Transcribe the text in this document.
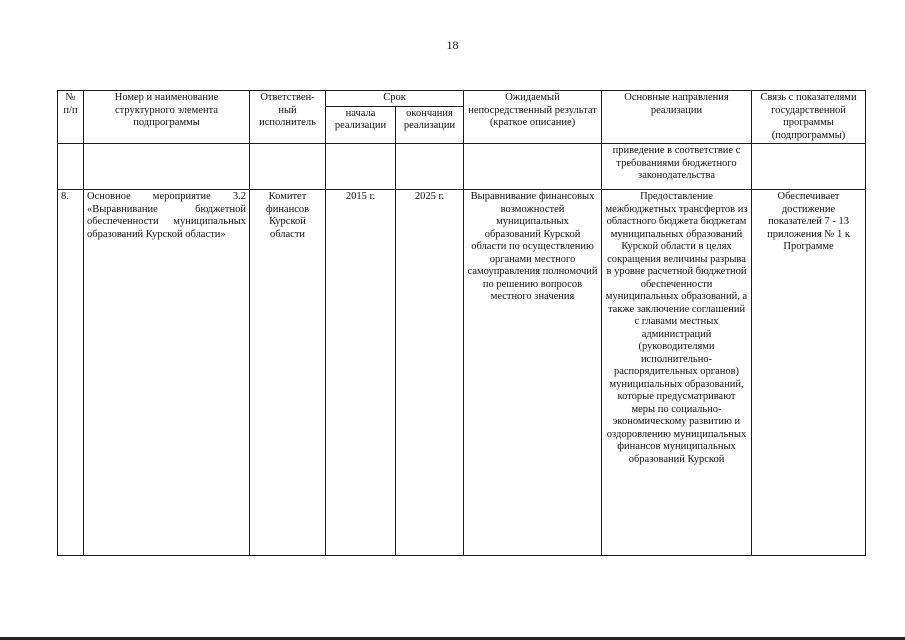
18
№ п/п	Номер и наименование структурного элемента подпрограммы	Ответствен-ный исполнитель	Срок		Ожидаемый непосредственный результат (краткое описание)	Основные направления реализации	Связь с показателями государственной программы (подпрограммы)
			начала реализации	окончания реализации			
						приведение в соответствие с требованиями бюджетного законодательства	
8.	Основное мероприятие 3.2 «Выравнивание бюджетной обеспеченности муниципальных образований Курской области»	Комитет финансов Курской области	2015 г.	2025 г.	Выравнивание финансовых возможностей муниципальных образований Курской области по осуществлению органами местного самоуправления полномочий по решению вопросов местного значения	Предоставление межбюджетных трансфертов из областного бюджета бюджетам муниципальных образований Курской области в целях сокращения величины разрыва в уровне расчетной бюджетной обеспеченности муниципальных образований, а также заключение соглашений с главами местных администраций (руководителями исполнительно-распорядительных органов) муниципальных образований, которые предусматривают меры по социально-экономическому развитию и оздоровлению муниципальных финансов муниципальных образований Курской	Обеспечивает достижение показателей 7 - 13 приложения № 1 к Программе
